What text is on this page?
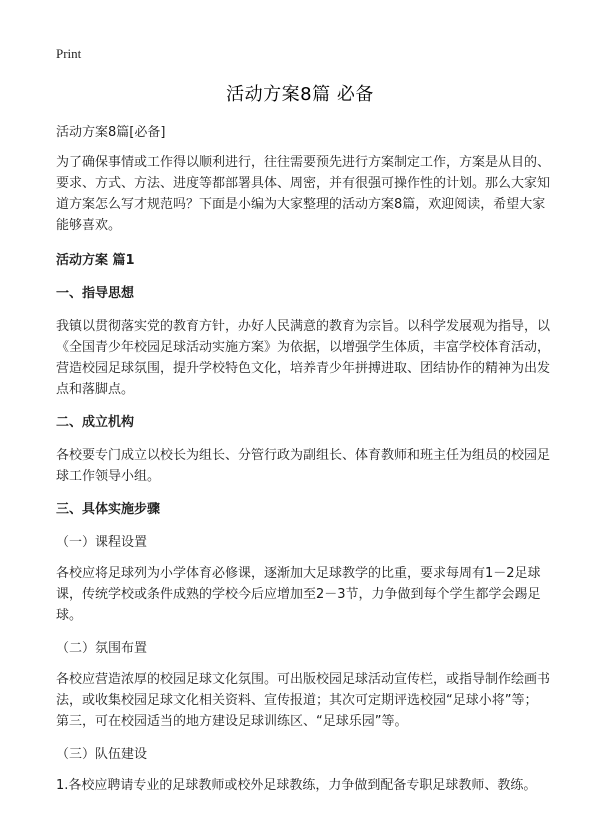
Print
活动方案8篇 必备

活动方案8篇[必备]

为了确保事情或工作得以顺利进行，往往需要预先进行方案制定工作，方案是从目的、要求、方式、方法、进度等都部署具体、周密，并有很强可操作性的计划。那么大家知道方案怎么写才规范吗？下面是小编为大家整理的活动方案8篇，欢迎阅读，希望大家能够喜欢。

活动方案 篇1

一、指导思想

我镇以贯彻落实党的教育方针，办好人民满意的教育为宗旨。以科学发展观为指导，以《全国青少年校园足球活动实施方案》为依据，以增强学生体质，丰富学校体育活动，营造校园足球氛围，提升学校特色文化，培养青少年拼搏进取、团结协作的精神为出发点和落脚点。

二、成立机构

各校要专门成立以校长为组长、分管行政为副组长、体育教师和班主任为组员的校园足球工作领导小组。

三、具体实施步骤

（一）课程设置

各校应将足球列为小学体育必修课，逐渐加大足球教学的比重，要求每周有1－2足球课，传统学校或条件成熟的学校今后应增加至2－3节，力争做到每个学生都学会踢足球。

（二）氛围布置

各校应营造浓厚的校园足球文化氛围。可出版校园足球活动宣传栏，或指导制作绘画书法，或收集校园足球文化相关资料、宣传报道；其次可定期评选校园“足球小将”等；第三，可在校园适当的地方建设足球训练区、“足球乐园”等。

（三）队伍建设

1.各校应聘请专业的足球教师或校外足球教练，力争做到配备专职足球教师、教练。
